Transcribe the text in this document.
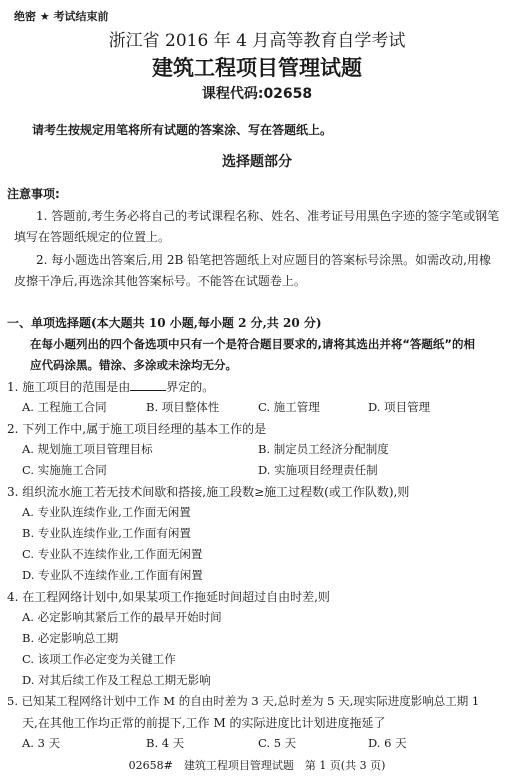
绝密 ★ 考试结束前
浙江省 2016 年 4 月高等教育自学考试
建筑工程项目管理试题
课程代码:02658
请考生按规定用笔将所有试题的答案涂、写在答题纸上。
选择题部分
注意事项:
1. 答题前,考生务必将自己的考试课程名称、姓名、准考证号用黑色字迹的签字笔或钢笔
填写在答题纸规定的位置上。
2. 每小题选出答案后,用 2B 铅笔把答题纸上对应题目的答案标号涂黑。如需改动,用橡
皮擦干净后,再选涂其他答案标号。不能答在试题卷上。
一、单项选择题(本大题共 10 小题,每小题 2 分,共 20 分)
在每小题列出的四个备选项中只有一个是符合题目要求的,请将其选出并将“答题纸”的相
应代码涂黑。错涂、多涂或未涂均无分。
1. 施工项目的范围是由	界定的。
A. 工程施工合同	B. 项目整体性	C. 施工管理	D. 项目管理
2. 下列工作中,属于施工项目经理的基本工作的是
A. 规划施工项目管理目标	B. 制定员工经济分配制度
C. 实施施工合同	D. 实施项目经理责任制
3. 组织流水施工若无技术间歇和搭接,施工段数≥施工过程数(或工作队数),则
A. 专业队连续作业,工作面无闲置
B. 专业队连续作业,工作面有闲置
C. 专业队不连续作业,工作面无闲置
D. 专业队不连续作业,工作面有闲置
4. 在工程网络计划中,如果某项工作拖延时间超过自由时差,则
A. 必定影响其紧后工作的最早开始时间
B. 必定影响总工期
C. 该项工作必定变为关键工作
D. 对其后续工作及工程总工期无影响
5. 已知某工程网络计划中工作 M 的自由时差为 3 天,总时差为 5 天,现实际进度影响总工期 1
天,在其他工作均正常的前提下,工作 M 的实际进度比计划进度拖延了
A. 3 天	B. 4 天	C. 5 天	D. 6 天
02658#　建筑工程项目管理试题　第 1 页(共 3 页)
